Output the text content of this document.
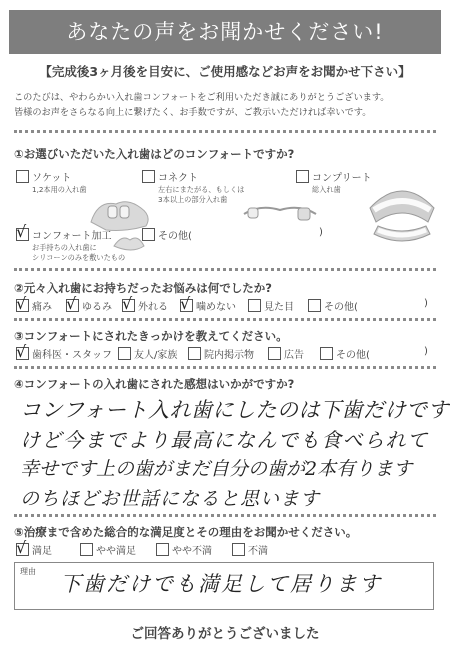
あなたの声をお聞かせください!
【完成後3ヶ月後を目安に、ご使用感などお声をお聞かせ下さい】
このたびは、やわらかい入れ歯コンフォートをご利用いただき誠にありがとうございます。
皆様のお声をさらなる向上に繋げたく、お手数ですが、ご教示いただければ幸いです。
①お選びいただいた入れ歯はどのコンフォートですか?
ソケット
1,2本用の入れ歯
コネクト
左右にまたがる、もしくは
3本以上の部分入れ歯
コンプリート
総入れ歯
√ コンフォート加工
お手持ちの入れ歯に
シリコーンのみを敷いたもの
その他(	)
②元々入れ歯にお持ちだったお悩みは何でしたか?
√ 痛み √ ゆるみ √ 外れる √ 噛めない	見た目	その他(	)
③コンフォートにされたきっかけを教えてください。
√ 歯科医・スタッフ 友人/家族	院内掲示物	広告	その他(	)
④コンフォートの入れ歯にされた感想はいかがですか?
コンフォート入れ歯にしたのは下歯だけです
けど今までより最高になんでも食べられて
幸せです上の歯がまだ自分の歯が2本有ります
のちほどお世話になると思います
⑤治療まで含めた総合的な満足度とその理由をお聞かせください。
√ 満足	やや満足	やや不満	不満
理由
下歯だけでも満足して居ります
ご回答ありがとうございました
